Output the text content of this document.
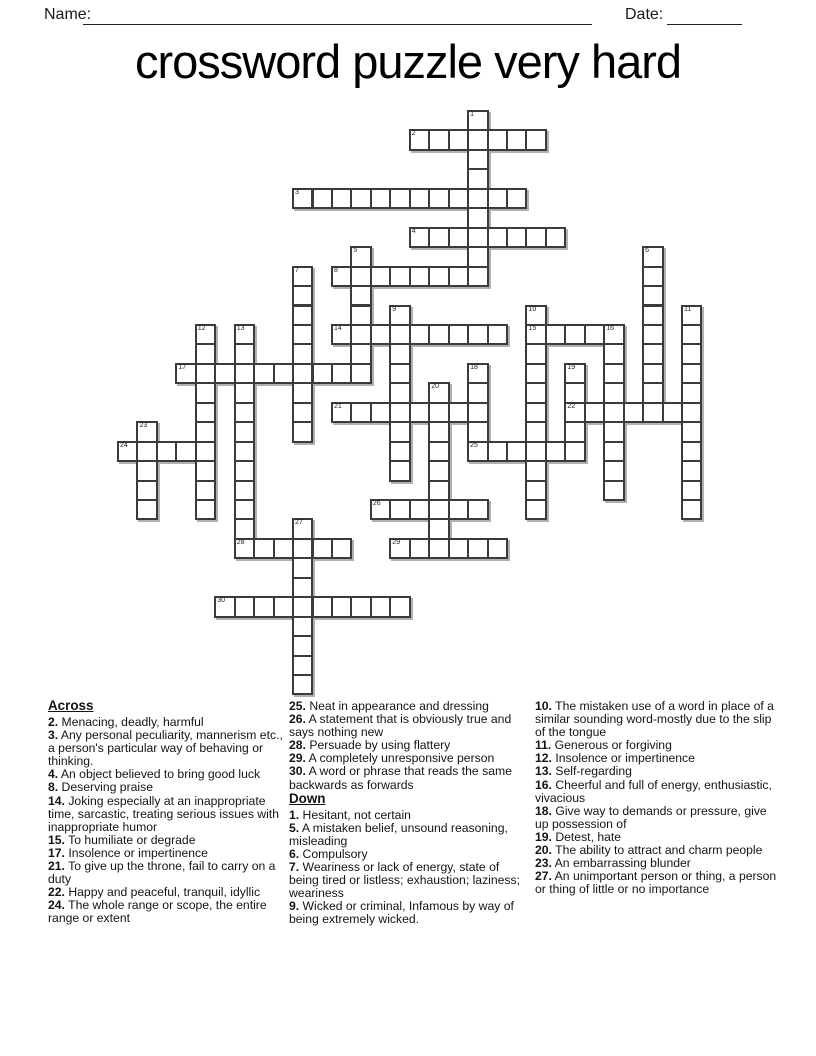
Name:	Date:
crossword puzzle very hard
1
2
3
4
5	6
7	8
9	10	11
12	13	14	15	16
17	18	19
20
21	22
23
24	25
26
27
28	29
30
Across

2. Menacing, deadly, harmful

3. Any personal peculiarity, mannerism etc., a person's particular way of behaving or thinking.

4. An object believed to bring good luck

8. Deserving praise

14. Joking especially at an inappropriate time, sarcastic, treating serious issues with inappropriate humor

15. To humiliate or degrade

17. Insolence or impertinence

21. To give up the throne, fail to carry on a duty

22. Happy and peaceful, tranquil, idyllic

24. The whole range or scope, the entire range or extent

25. Neat in appearance and dressing

26. A statement that is obviously true and says nothing new

28. Persuade by using flattery

29. A completely unresponsive person

30. A word or phrase that reads the same backwards as forwards

Down

1. Hesitant, not certain

5. A mistaken belief, unsound reasoning, misleading

6. Compulsory

7. Weariness or lack of energy, state of being tired or listless; exhaustion; laziness; weariness

9. Wicked or criminal, Infamous by way of being extremely wicked.

10. The mistaken use of a word in place of a similar sounding word-mostly due to the slip of the tongue

11. Generous or forgiving

12. Insolence or impertinence

13. Self-regarding

16. Cheerful and full of energy, enthusiastic, vivacious

18. Give way to demands or pressure, give up possession of

19. Detest, hate

20. The ability to attract and charm people

23. An embarrassing blunder

27. An unimportant person or thing, a person or thing of little or no importance
